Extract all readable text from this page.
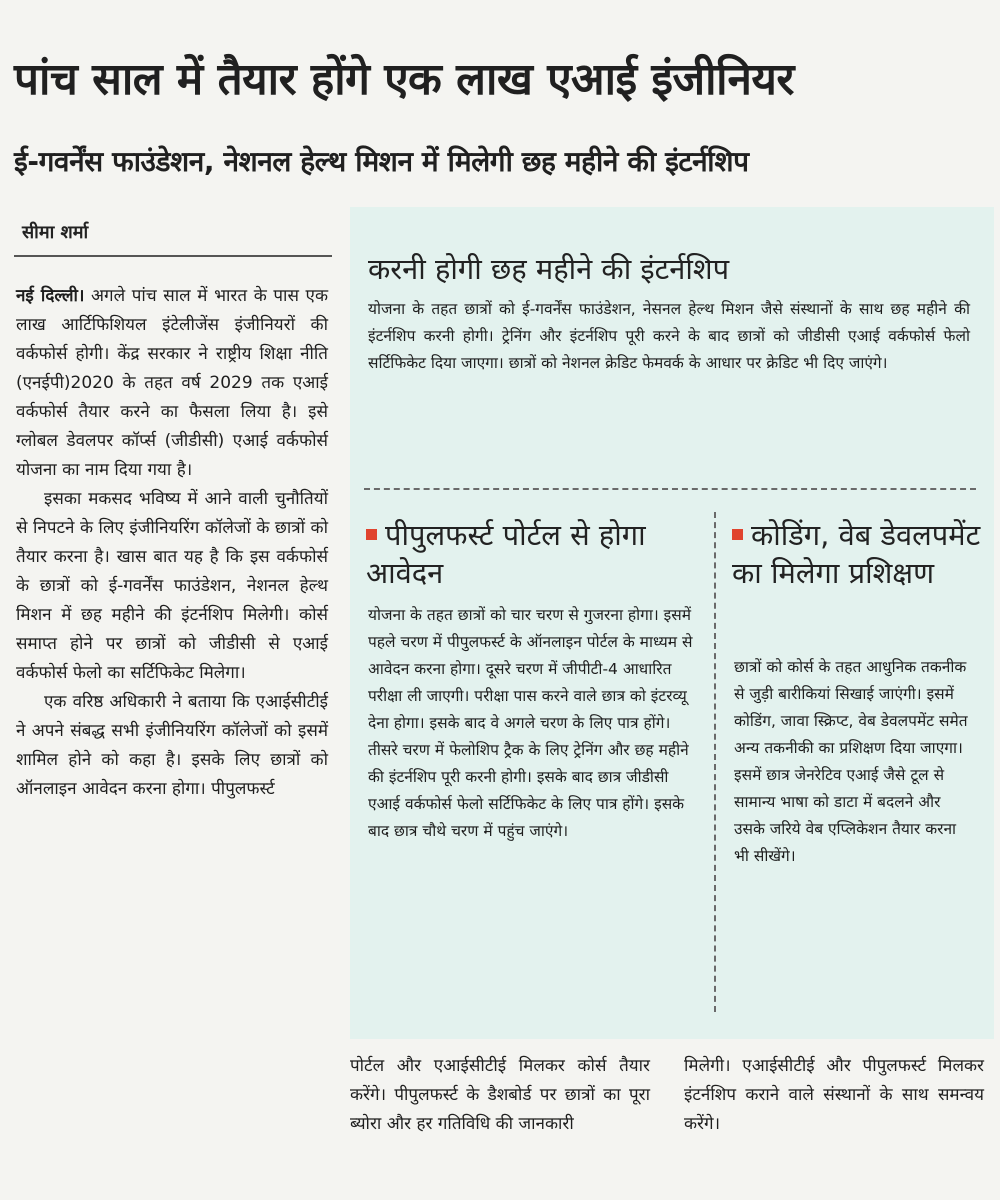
पांच साल में तैयार होंगे एक लाख एआई इंजीनियर
ई-गवर्नेंस फाउंडेशन, नेशनल हेल्थ मिशन में मिलेगी छह महीने की इंटर्नशिप
सीमा शर्मा

नई दिल्ली। अगले पांच साल में भारत के पास एक लाख आर्टिफिशियल इंटेलीजेंस इंजीनियरों की वर्कफोर्स होगी। केंद्र सरकार ने राष्ट्रीय शिक्षा नीति (एनईपी)2020 के तहत वर्ष 2029 तक एआई वर्कफोर्स तैयार करने का फैसला लिया है। इसे ग्लोबल डेवलपर कॉर्प्स (जीडीसी) एआई वर्कफोर्स योजना का नाम दिया गया है।

इसका मकसद भविष्य में आने वाली चुनौतियों से निपटने के लिए इंजीनियरिंग कॉलेजों के छात्रों को तैयार करना है। खास बात यह है कि इस वर्कफोर्स के छात्रों को ई-गवर्नेंस फाउंडेशन, नेशनल हेल्थ मिशन में छह महीने की इंटर्नशिप मिलेगी। कोर्स समाप्त होने पर छात्रों को जीडीसी से एआई वर्कफोर्स फेलो का सर्टिफिकेट मिलेगा।

एक वरिष्ठ अधिकारी ने बताया कि एआईसीटीई ने अपने संबद्ध सभी इंजीनियरिंग कॉलेजों को इसमें शामिल होने को कहा है। इसके लिए छात्रों को ऑनलाइन आवेदन करना होगा। पीपुलफर्स्ट

करनी होगी छह महीने की इंटर्नशिप
योजना के तहत छात्रों को ई-गवर्नेंस फाउंडेशन, नेसनल हेल्थ मिशन जैसे संस्थानों के साथ छह महीने की इंटर्नशिप करनी होगी। ट्रेनिंग और इंटर्नशिप पूरी करने के बाद छात्रों को जीडीसी एआई वर्कफोर्स फेलो सर्टिफिकेट दिया जाएगा। छात्रों को नेशनल क्रेडिट फेमवर्क के आधार पर क्रेडिट भी दिए जाएंगे।
पीपुलफर्स्ट पोर्टल से होगा आवेदन
योजना के तहत छात्रों को चार चरण से गुजरना होगा। इसमें पहले चरण में पीपुलफर्स्ट के ऑनलाइन पोर्टल के माध्यम से आवेदन करना होगा। दूसरे चरण में जीपीटी-4 आधारित परीक्षा ली जाएगी। परीक्षा पास करने वाले छात्र को इंटरव्यू देना होगा। इसके बाद वे अगले चरण के लिए पात्र होंगे। तीसरे चरण में फेलोशिप ट्रैक के लिए ट्रेनिंग और छह महीने की इंटर्नशिप पूरी करनी होगी। इसके बाद छात्र जीडीसी एआई वर्कफोर्स फेलो सर्टिफिकेट के लिए पात्र होंगे। इसके बाद छात्र चौथे चरण में पहुंच जाएंगे।
कोडिंग, वेब डेवलपमेंट का मिलेगा प्रशिक्षण
छात्रों को कोर्स के तहत आधुनिक तकनीक से जुड़ी बारीकियां सिखाई जाएंगी। इसमें कोडिंग, जावा स्क्रिप्ट, वेब डेवलपमेंट समेत अन्य तकनीकी का प्रशिक्षण दिया जाएगा। इसमें छात्र जेनरेटिव एआई जैसे टूल से सामान्य भाषा को डाटा में बदलने और उसके जरिये वेब एप्लिकेशन तैयार करना भी सीखेंगे।
पोर्टल और एआईसीटीई मिलकर कोर्स तैयार करेंगे। पीपुलफर्स्ट के डैशबोर्ड पर छात्रों का पूरा ब्योरा और हर गतिविधि की जानकारी
मिलेगी। एआईसीटीई और पीपुलफर्स्ट मिलकर इंटर्नशिप कराने वाले संस्थानों के साथ समन्वय करेंगे।
